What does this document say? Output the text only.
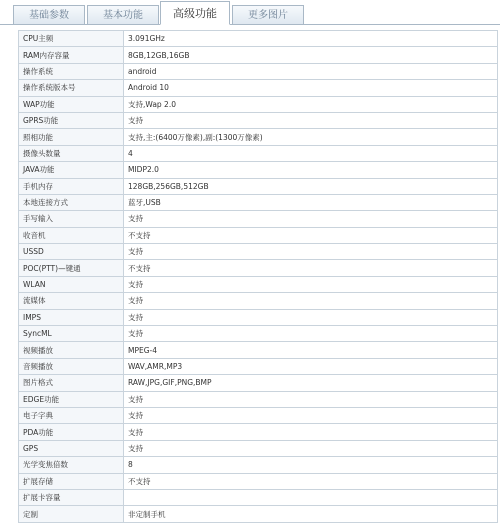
基础参数	基本功能	高级功能	更多图片
CPU主频	3.091GHz
RAM内存容量	8GB,12GB,16GB
操作系统	android
操作系统版本号	Android 10
WAP功能	支持,Wap 2.0
GPRS功能	支持
照相功能	支持,主:(6400万像素),副:(1300万像素)
摄像头数量	4
JAVA功能	MIDP2.0
手机内存	128GB,256GB,512GB
本地连接方式	蓝牙,USB
手写输入	支持
收音机	不支持
USSD	支持
POC(PTT)—键通	不支持
WLAN	支持
流媒体	支持
IMPS	支持
SyncML	支持
视频播放	MPEG-4
音频播放	WAV,AMR,MP3
图片格式	RAW,JPG,GIF,PNG,BMP
EDGE功能	支持
电子字典	支持
PDA功能	支持
GPS	支持
光学变焦倍数	8
扩展存储	不支持
扩展卡容量	
定制	非定制手机
